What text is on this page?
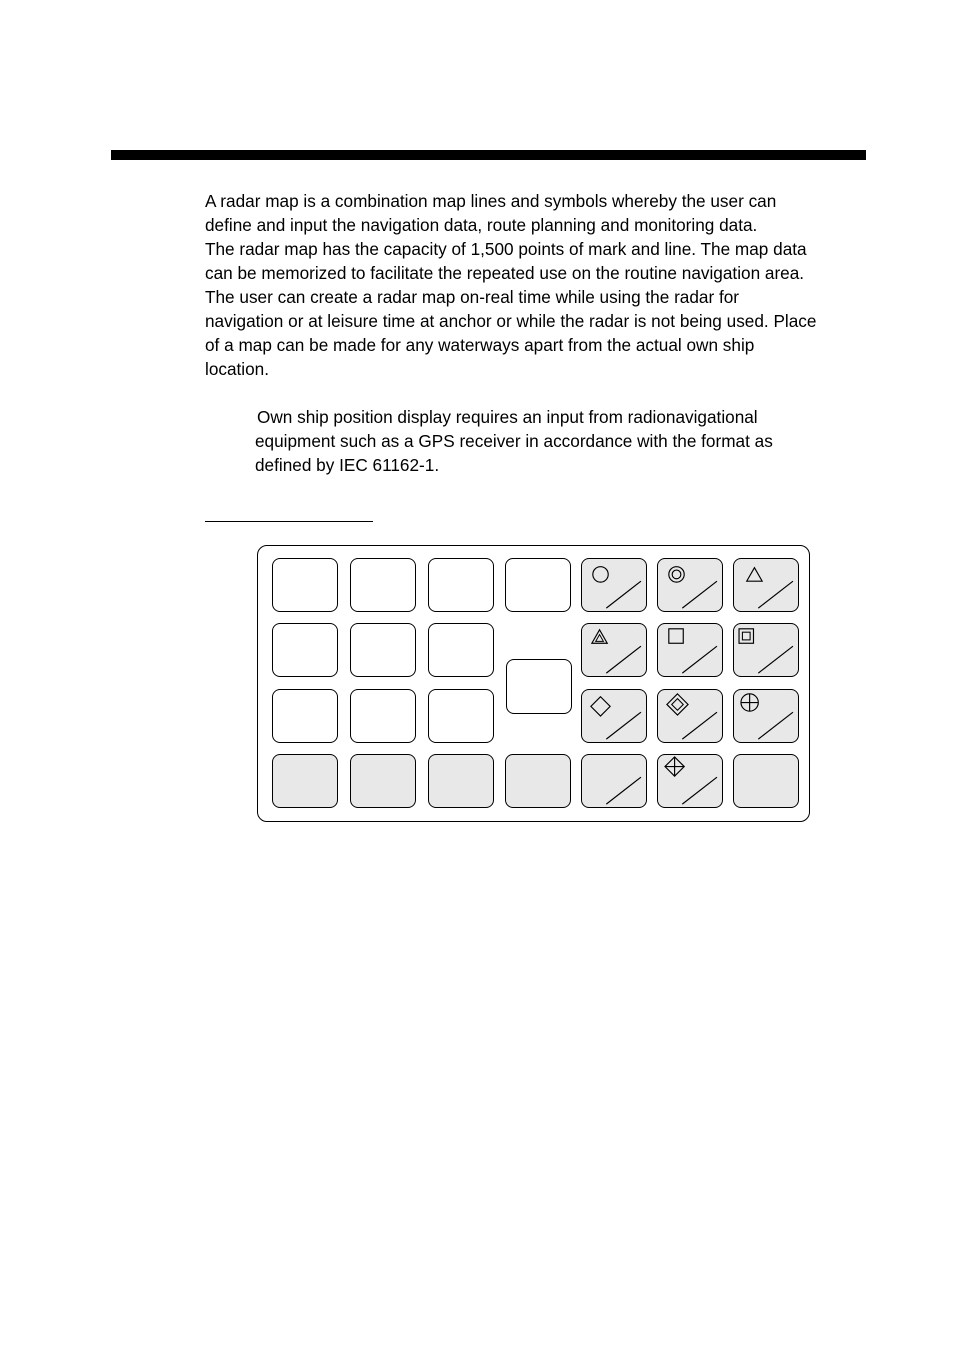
A radar map is a combination map lines and symbols whereby the user can
define and input the navigation data, route planning and monitoring data.
The radar map has the capacity of 1,500 points of mark and line. The map data
can be memorized to facilitate the repeated use on the routine navigation area.
The user can create a radar map on-real time while using the radar for
navigation or at leisure time at anchor or while the radar is not being used. Place
of a map can be made for any waterways apart from the actual own ship
location.
Own ship position display requires an input from radionavigational
equipment such as a GPS receiver in accordance with the format as
defined by IEC 61162-1.
